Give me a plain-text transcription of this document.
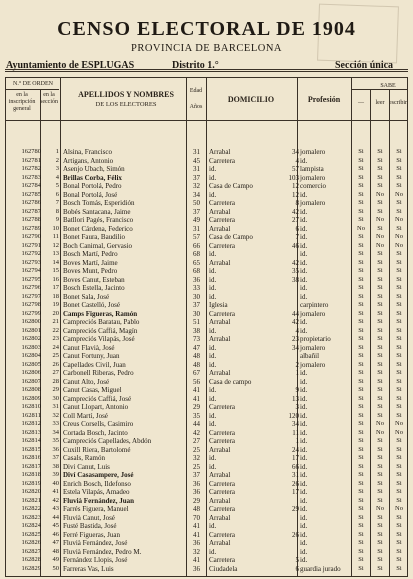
CENSO ELECTORAL DE 1904
PROVINCIA DE BARCELONA
Ayuntamiento de ESPLUGAS	Distrito 1.°	Sección única
N.° DE ORDEN
en la inscripción general
en la sección
APELLIDOS Y NOMBRES
DE LOS ELECTORES
Edad
Años
DOMICILIO	Profesión
SABE
—	leer escribir
162780	1 Alsina, Francisco	31	Arrabal	34 jornalero	Si	Si	Si
162781	2 Artigans, Antonio	45	Carretera	4 id.	Si	Si	Si
162782	3 Asenjo Ubach, Simón	31	id.	57 lampista	Si	Si	Si
162783	4 Brillas Corba, Félix	37	id.	103 jornalero	Si	Si	Si
162784	5 Bonal Portolá, Pedro	32	Casa de Campo	12 comercio	Si	Si	Si
162785	6 Bonal Portolá, José	34	id.	12 id.	Si	No	No
162786	7 Bosch Tomás, Esperidión	50	Carretera	8 jornalero	Si	Si	Si
162787	8 Bobés Santacana, Jaime	37	Arrabal	42 id.	Si	Si	Si
162788	9 Batllori Pagés, Francisco	49	Carretera	27 id.	Si	No	No
162789	10 Bonet Cárdena, Federico	31	Arrabal	6 id.	No	Si	Si
162790	11 Bonet Faura, Baudilio	57	Casa de Campo	7 id.	Si	No	No
162791	12 Boch Canimal, Gervasio	66	Carretera	46 id.	Si	No	No
162792	13 Bosch Martí, Pedro	68	id.	id.	Si	Si	Si
162793	14 Boves Martí, Jaime	65	Arrabal	42 id.	Si	Si	Si
162794	15 Boves Munt, Pedro	68	id.	35 id.	Si	Si	Si
162795	16 Boves Canut, Esteban	36	id.	38 id.	Si	Si	Si
162796	17 Bosch Estella, Jacinto	33	id.	id.	Si	Si	Si
162797	18 Bonet Sala, José	30	id.	id.	Si	Si	Si
162798	19 Bonet Castelló, José	37	Iglesia	carpintero	Si	Si	Si
162799	20 Camps Figueras, Ramón	30	Carretera	44 jornalero	Si	Si	Si
162800	21 Campreciós Baratau, Pablo	51	Arrabal	42 id.	Si	Si	Si
162801	22 Campreciós Caffiá, Magín	38	id.	4 id.	Si	Si	Si
162802	23 Campreciós Vilapás, José	73	Arrabal	23 propietario	Si	Si	Si
162803	24 Canut Flavià, José	47	id.	34 jornalero	Si	Si	Si
162804	25 Canut Fortuny, Juan	48	id.	albañil	Si	Si	Si
162805	26 Capellades Civil, Juan	48	id.	2 jornalero	Si	Si	Si
162806	27 Carbonell Riberas, Pedro	67	Arrabal	1 id.	Si	Si	Si
162807	28 Canut Alto, José	56	Casa de campo	id.	Si	Si	Si
162808	29 Canut Casas, Miguel	41	id.	9 id.	Si	Si	Si
162809	30 Campreciós Caffiá, José	41	id.	13 id.	Si	Si	Si
162810	31 Canut Llopart, Antonio	29	Carretera	3 id.	Si	Si	Si
162811	32 Coll Martí, José	35	id.	120 id.	Si	Si	Si
162812	33 Creus Corsells, Casimiro	44	id.	34 id.	Si	No	No
162813	34 Cortada Bosch, Jacinto	42	Carretera	11 id.	Si	No	No
162814	35 Campreciós Capellades, Abdón	27	Carretera	1 id.	Si	Si	Si
162815	36 Cuxill Riera, Bartolomé	25	Arrabal	24 id.	Si	Si	Si
162816	37 Casals, Ramón	32	id.	17 id.	Si	Si	Si
162817	38 Divi Canut, Luis	25	id.	66 id.	Si	Si	Si
162818	39 Diví Casasampere, José	37	Arrabal	31 id.	Si	Si	Si
162819	40 Enrich Bosch, Ildefonso	36	Carretera	26 id.	Si	Si	Si
162820	41 Estela Vilapás, Amadeo	36	Carretera	17 id.	Si	Si	Si
162821	42 Fluvià Fernández, Juan	29	Arrabal	id.	Si	Si	Si
162822	43 Farrés Figuera, Manuel	48	Carretera	29 id.	Si	No	No
162823	44 Fluvià Canut, José	70	Arrabal	id.	Si	Si	Si
162824	45 Fusté Bastida, José	41	id.	id.	Si	Si	Si
162825	46 Ferré Figueras, Juan	41	Carretera	26 id.	Si	Si	Si
162826	47 Fluvià Fernández, José	36	Arrabal	id.	Si	Si	Si
162827	48 Fluvià Fernández, Pedro M.	32	id.	id.	Si	Si	Si
162828	49 Fernández Llopis, José	41	Carretera	5 id.	Si	Si	Si
162829	50 Farreras Vas, Luis	36	Ciudadela	6 guardia jurado	Si	Si	Si
